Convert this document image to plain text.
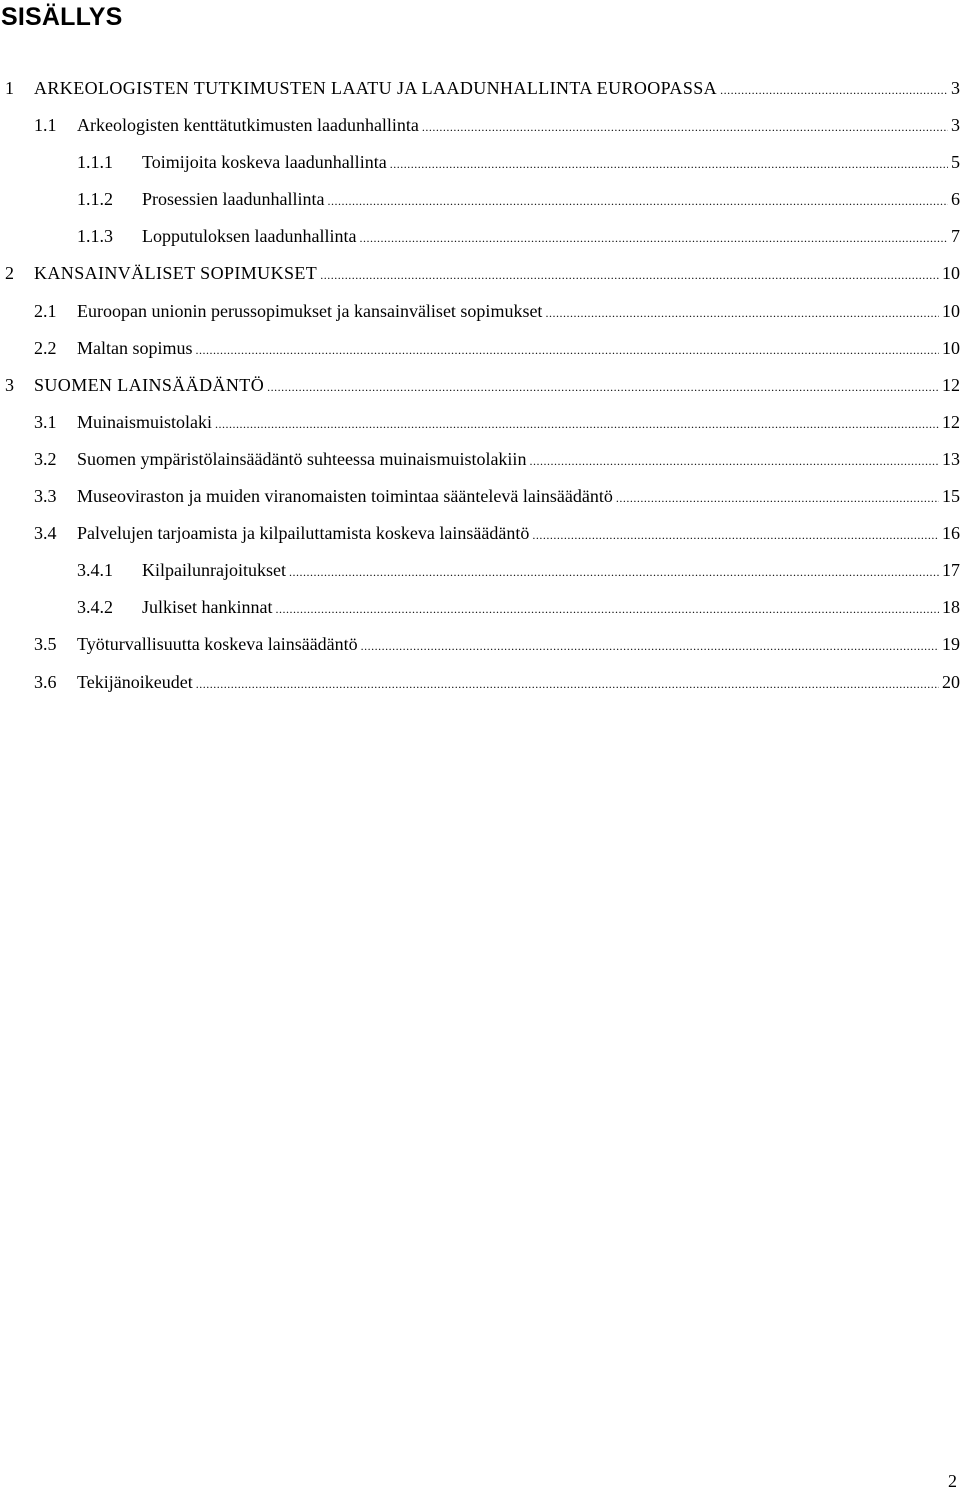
SISÄLLYS
1 ARKEOLOGISTEN TUTKIMUSTEN LAATU JA LAADUNHALLINTA EUROOPASSA .....	3
1.1 Arkeologisten kenttätutkimusten laadunhallinta .....	3
1.1.1 Toimijoita koskeva laadunhallinta .....	5
1.1.2 Prosessien laadunhallinta .....	6
1.1.3 Lopputuloksen laadunhallinta .....	7
2 KANSAINVÄLISET SOPIMUKSET .....	10
2.1 Euroopan unionin perussopimukset ja kansainväliset sopimukset .....	10
2.2 Maltan sopimus .....	10
3 SUOMEN LAINSÄÄDÄNTÖ .....	12
3.1 Muinaismuistolaki .....	12
3.2 Suomen ympäristölainsäädäntö suhteessa muinaismuistolakiin .....	13
3.3 Museoviraston ja muiden viranomaisten toimintaa sääntelevä lainsäädäntö .....	15
3.4 Palvelujen tarjoamista ja kilpailuttamista koskeva lainsäädäntö .....	16
3.4.1 Kilpailunrajoitukset .....	17
3.4.2 Julkiset hankinnat .....	18
3.5 Työturvallisuutta koskeva lainsäädäntö .....	19
3.6 Tekijänoikeudet .....	20
2
